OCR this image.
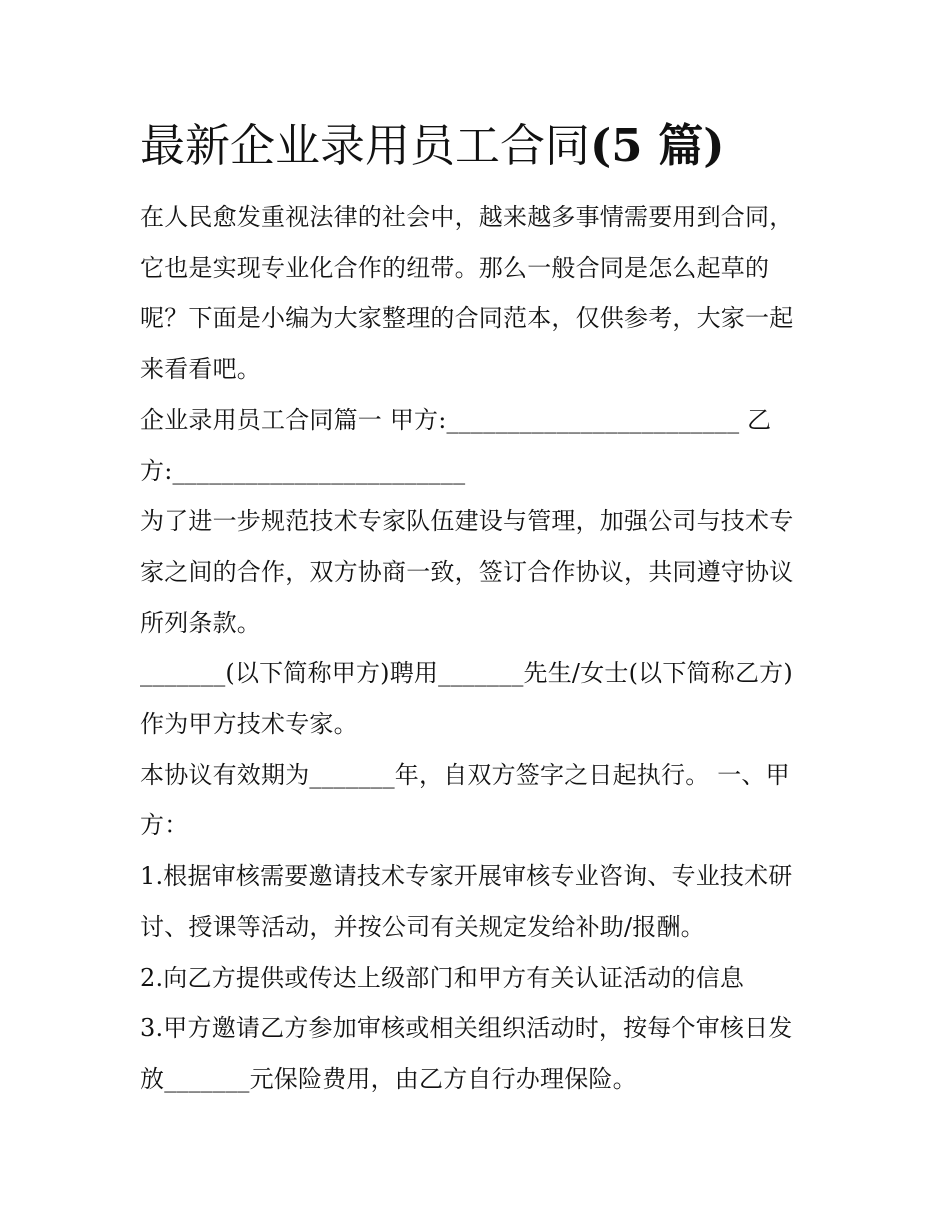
最新企业录用员工合同(5 篇)
在人民愈发重视法律的社会中，越来越多事情需要用到合同，
它也是实现专业化合作的纽带。那么一般合同是怎么起草的
呢？下面是小编为大家整理的合同范本，仅供参考，大家一起
来看看吧。
企业录用员工合同篇一 甲方:________________________ 乙
方:________________________
为了进一步规范技术专家队伍建设与管理，加强公司与技术专
家之间的合作，双方协商一致，签订合作协议，共同遵守协议
所列条款。
_______(以下简称甲方)聘用_______先生/女士(以下简称乙方)
作为甲方技术专家。
本协议有效期为_______年，自双方签字之日起执行。 一、甲
方：
1.根据审核需要邀请技术专家开展审核专业咨询、专业技术研
讨、授课等活动，并按公司有关规定发给补助/报酬。
2.向乙方提供或传达上级部门和甲方有关认证活动的信息
3.甲方邀请乙方参加审核或相关组织活动时，按每个审核日发
放_______元保险费用，由乙方自行办理保险。
